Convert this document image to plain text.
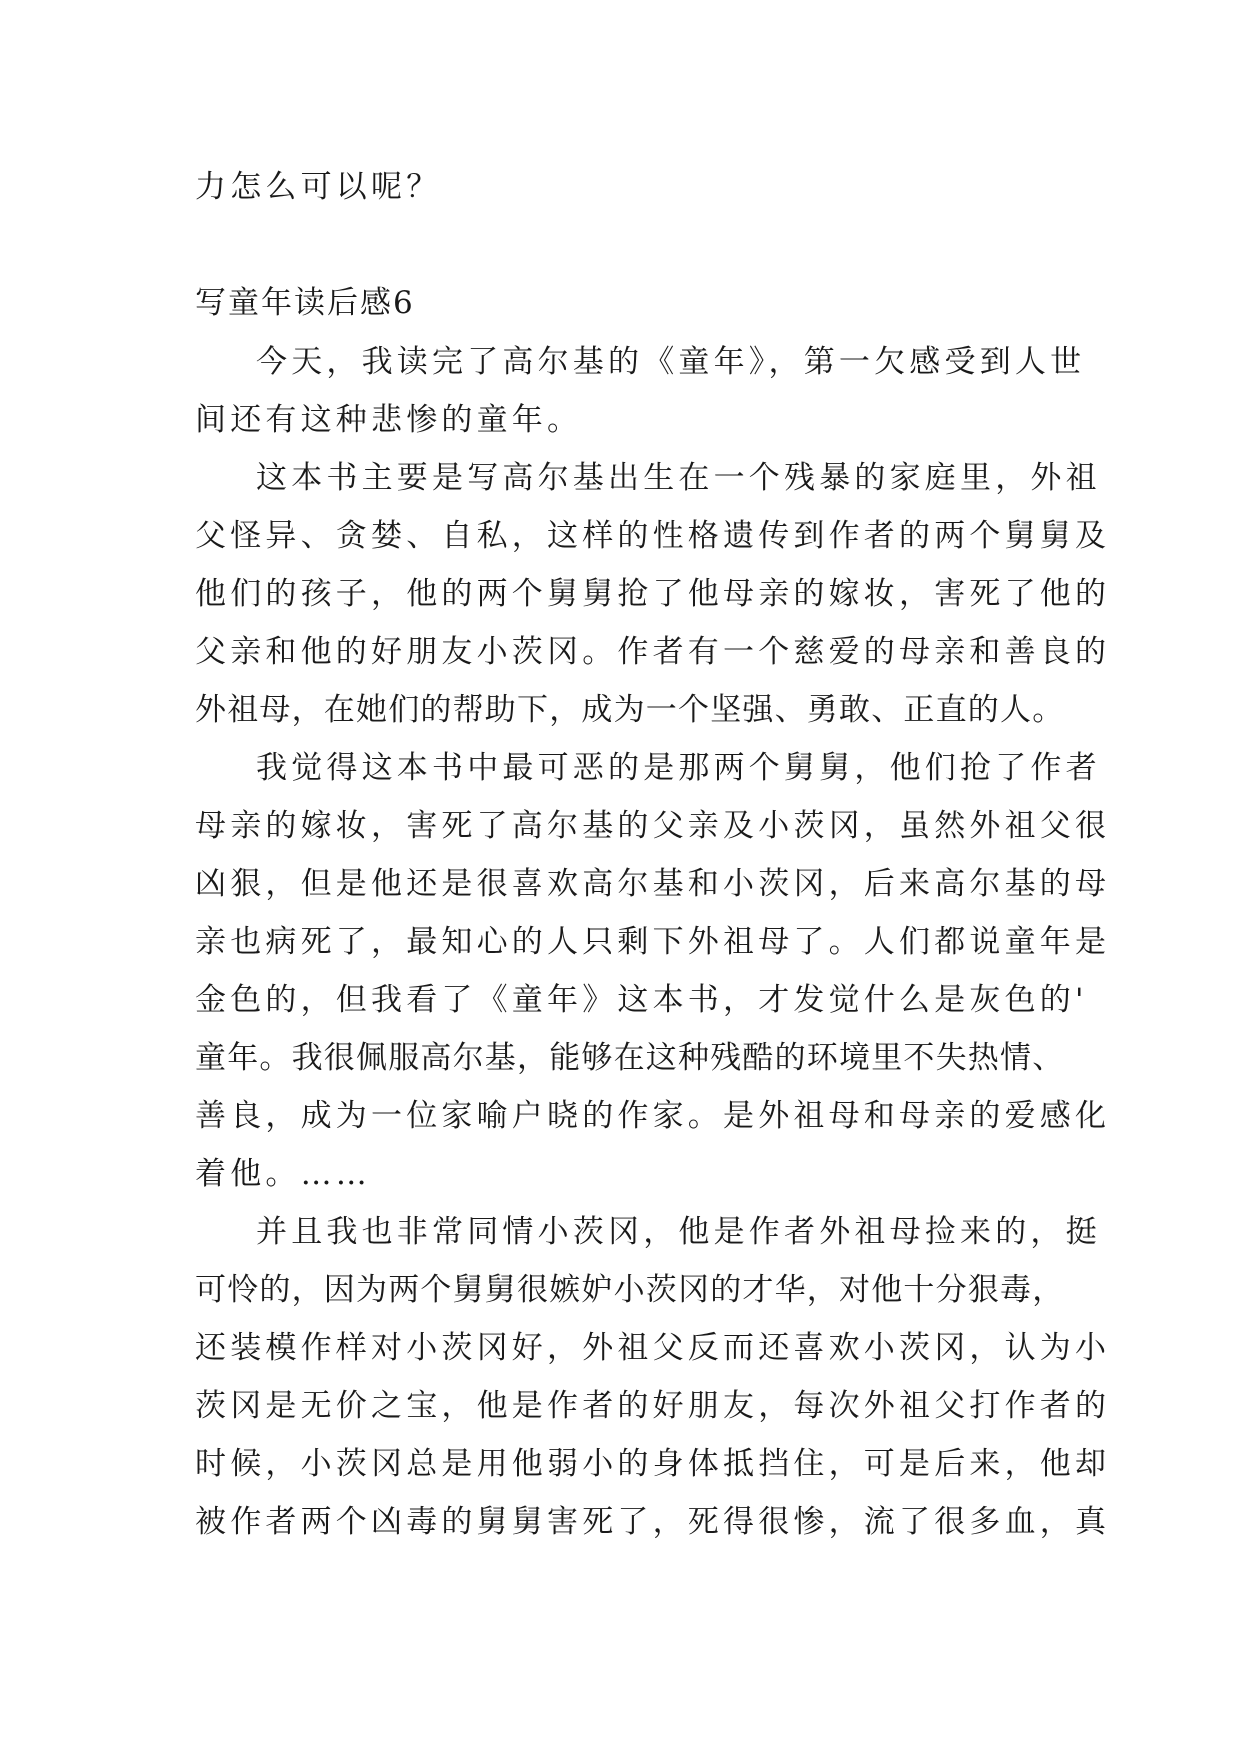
力怎么可以呢？
写童年读后感6
今天，我读完了高尔基的《童年》，第一欠感受到人世
间还有这种悲惨的童年。
这本书主要是写高尔基出生在一个残暴的家庭里，外祖
父怪异、贪婪、自私，这样的性格遗传到作者的两个舅舅及
他们的孩子，他的两个舅舅抢了他母亲的嫁妆，害死了他的
父亲和他的好朋友小茨冈。作者有一个慈爱的母亲和善良的
外祖母，在她们的帮助下，成为一个坚强、勇敢、正直的人。
我觉得这本书中最可恶的是那两个舅舅，他们抢了作者
母亲的嫁妆，害死了高尔基的父亲及小茨冈，虽然外祖父很
凶狠，但是他还是很喜欢高尔基和小茨冈，后来高尔基的母
亲也病死了，最知心的人只剩下外祖母了。人们都说童年是
金色的，但我看了《童年》这本书，才发觉什么是灰色的'
童年。我很佩服高尔基，能够在这种残酷的环境里不失热情、
善良，成为一位家喻户晓的作家。是外祖母和母亲的爱感化
着他。……
并且我也非常同情小茨冈，他是作者外祖母捡来的，挺
可怜的，因为两个舅舅很嫉妒小茨冈的才华，对他十分狠毒，
还装模作样对小茨冈好，外祖父反而还喜欢小茨冈，认为小
茨冈是无价之宝，他是作者的好朋友，每次外祖父打作者的
时候，小茨冈总是用他弱小的身体抵挡住，可是后来，他却
被作者两个凶毒的舅舅害死了，死得很惨，流了很多血，真
